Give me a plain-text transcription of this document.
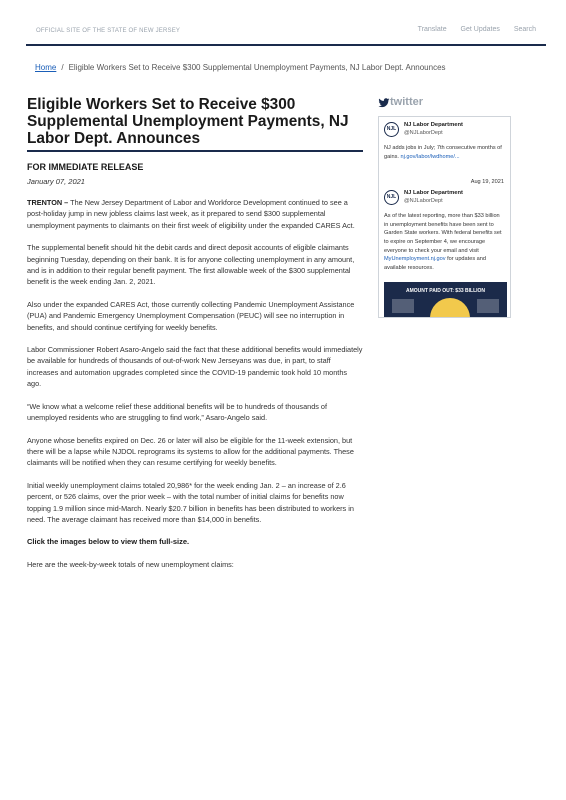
OFFICIAL SITE OF THE STATE OF NEW JERSEY	Translate Get Updates Search
Home / Eligible Workers Set to Receive $300 Supplemental Unemployment Payments, NJ Labor Dept. Announces
Eligible Workers Set to Receive $300 Supplemental Unemployment Payments, NJ Labor Dept. Announces
FOR IMMEDIATE RELEASE
January 07, 2021

TRENTON – The New Jersey Department of Labor and Workforce Development continued to see a post-holiday jump in new jobless claims last week, as it prepared to send $300 supplemental unemployment payments to claimants on their first week of eligibility under the expanded CARES Act.

The supplemental benefit should hit the debit cards and direct deposit accounts of eligible claimants beginning Tuesday, depending on their bank. It is for anyone collecting unemployment in any amount, and is in addition to their regular benefit payment. The first allowable week of the $300 supplemental benefit is the week ending Jan. 2, 2021.

Also under the expanded CARES Act, those currently collecting Pandemic Unemployment Assistance (PUA) and Pandemic Emergency Unemployment Compensation (PEUC) will see no interruption in benefits, and should continue certifying for weekly benefits.

Labor Commissioner Robert Asaro-Angelo said the fact that these additional benefits would immediately be available for hundreds of thousands of out-of-work New Jerseyans was due, in part, to staff increases and automation upgrades completed since the COVID-19 pandemic took hold 10 months ago.

“We know what a welcome relief these additional benefits will be to hundreds of thousands of unemployed residents who are struggling to find work,” Asaro-Angelo said.

Anyone whose benefits expired on Dec. 26 or later will also be eligible for the 11-week extension, but there will be a lapse while NJDOL reprograms its systems to allow for the additional payments. These claimants will be notified when they can resume certifying for weekly benefits.

Initial weekly unemployment claims totaled 20,986* for the week ending Jan. 2 – an increase of 2.6 percent, or 526 claims, over the prior week – with the total number of initial claims for benefits now topping 1.9 million since mid-March. Nearly $20.7 billion in benefits has been distributed to workers in need. The average claimant has received more than $14,000 in benefits.

Click the images below to view them full-size.

Here are the week-by-week totals of new unemployment claims:

twitter
NJL
NJ Labor Department
@NJLaborDept
NJ adds jobs in July; 7th consecutive months of gains. nj.gov/labor/lwdhome/...
Aug 19, 2021
NJL
NJ Labor Department
@NJLaborDept
As of the latest reporting, more than $33 billion in unemployment benefits have been sent to Garden State workers. With federal benefits set to expire on September 4, we encourage everyone to check your email and visit MyUnemployment.nj.gov for updates and available resources.
AMOUNT PAID OUT: $33 BILLION
